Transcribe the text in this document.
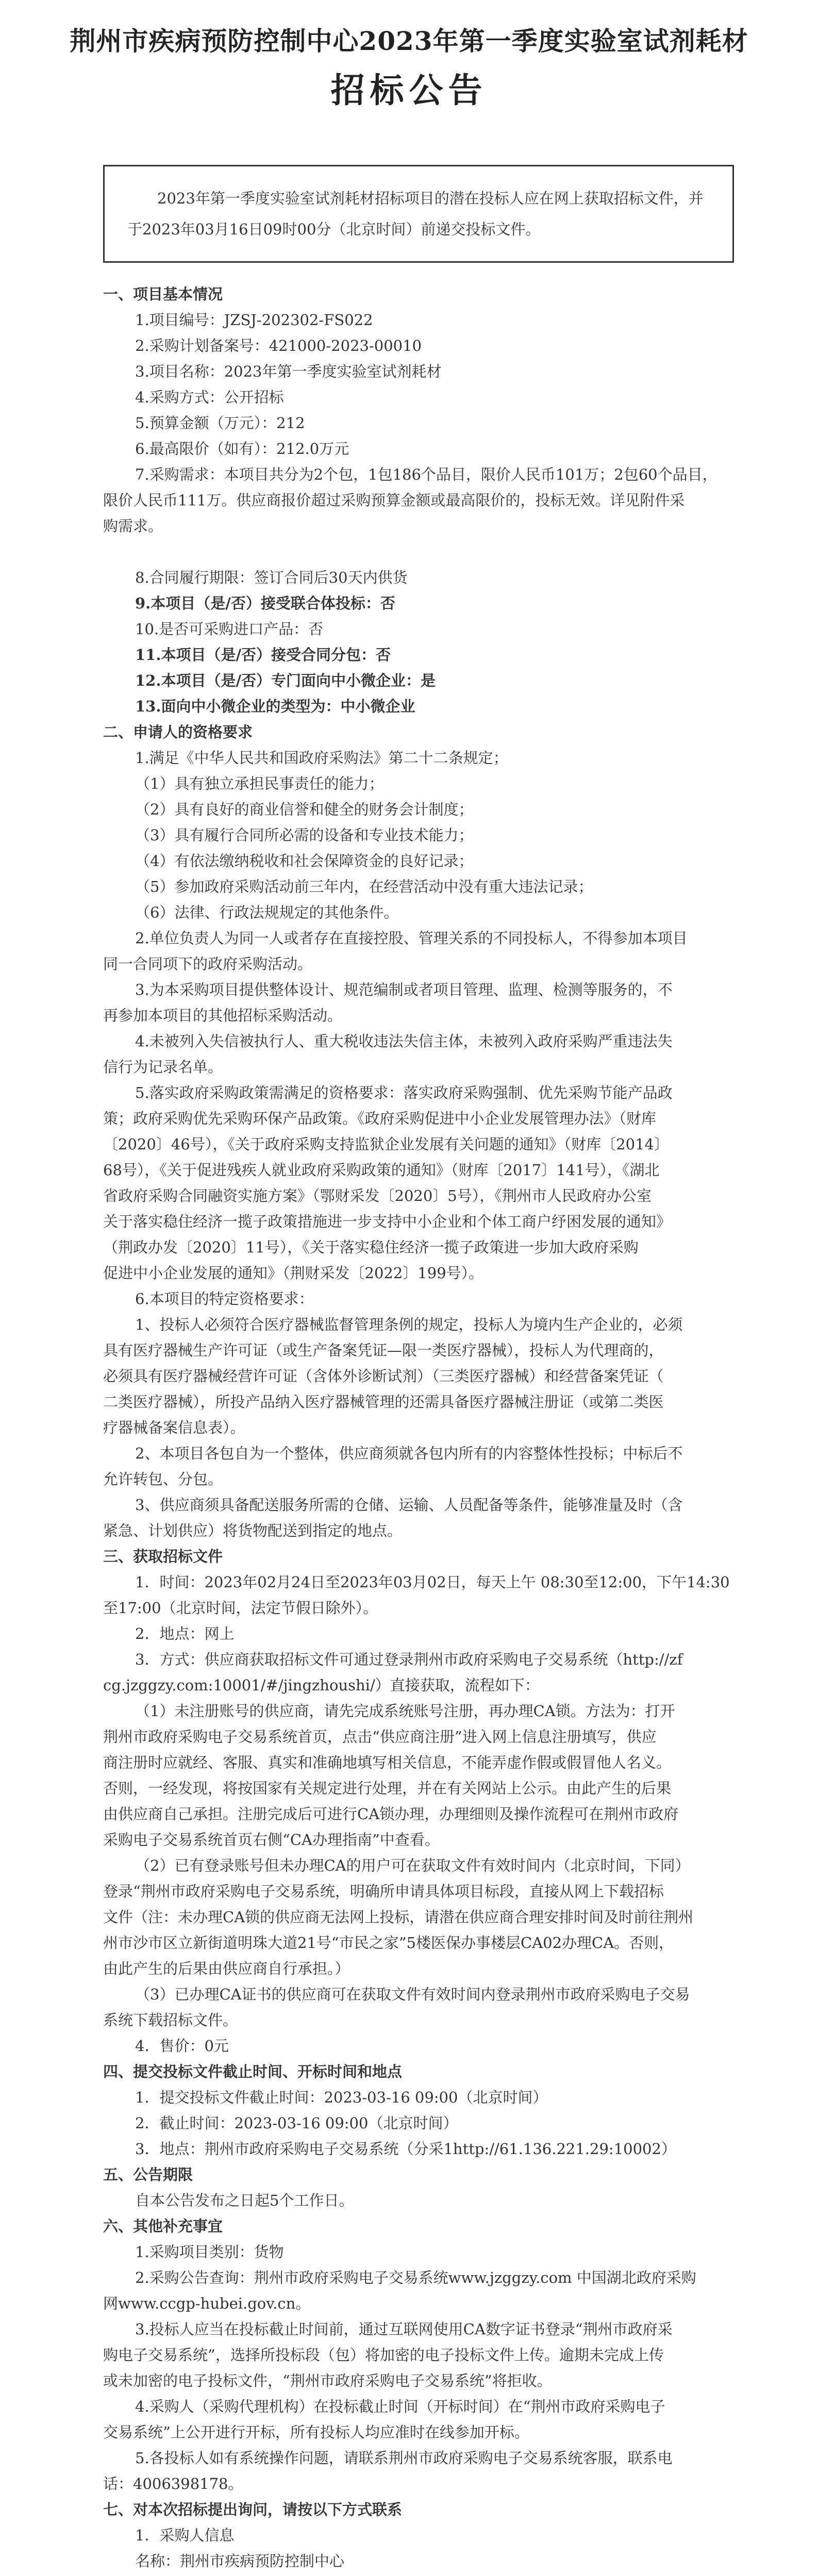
荆州市疾病预防控制中心2023年第一季度实验室试剂耗材
招标公告
2023年第一季度实验室试剂耗材招标项目的潜在投标人应在网上获取招标文件，并于2023年03月16日09时00分（北京时间）前递交投标文件。
一、项目基本情况
1.项目编号：JZSJ-202302-FS022
2.采购计划备案号：421000-2023-00010
3.项目名称：2023年第一季度实验室试剂耗材
4.采购方式：公开招标
5.预算金额（万元）：212
6.最高限价（如有）：212.0万元
7.采购需求：本项目共分为2个包，1包186个品目，限价人民币101万；2包60个品目，
限价人民币111万。供应商报价超过采购预算金额或最高限价的，投标无效。详见附件采
购需求。
8.合同履行期限：签订合同后30天内供货
9.本项目（是/否）接受联合体投标：否
10.是否可采购进口产品：否
11.本项目（是/否）接受合同分包：否
12.本项目（是/否）专门面向中小微企业：是
13.面向中小微企业的类型为：中小微企业
二、申请人的资格要求
1.满足《中华人民共和国政府采购法》第二十二条规定；
（1）具有独立承担民事责任的能力；
（2）具有良好的商业信誉和健全的财务会计制度；
（3）具有履行合同所必需的设备和专业技术能力；
（4）有依法缴纳税收和社会保障资金的良好记录；
（5）参加政府采购活动前三年内，在经营活动中没有重大违法记录；
（6）法律、行政法规规定的其他条件。
2.单位负责人为同一人或者存在直接控股、管理关系的不同投标人，不得参加本项目
同一合同项下的政府采购活动。
3.为本采购项目提供整体设计、规范编制或者项目管理、监理、检测等服务的，不
再参加本项目的其他招标采购活动。
4.未被列入失信被执行人、重大税收违法失信主体，未被列入政府采购严重违法失
信行为记录名单。
5.落实政府采购政策需满足的资格要求：落实政府采购强制、优先采购节能产品政
策；政府采购优先采购环保产品政策。《政府采购促进中小企业发展管理办法》（财库
〔2020〕46号），《关于政府采购支持监狱企业发展有关问题的通知》（财库〔2014〕
68号），《关于促进残疾人就业政府采购政策的通知》（财库〔2017〕141号），《湖北
省政府采购合同融资实施方案》（鄂财采发〔2020〕5号），《荆州市人民政府办公室
关于落实稳住经济一揽子政策措施进一步支持中小企业和个体工商户纾困发展的通知》
（荆政办发〔2020〕11号），《关于落实稳住经济一揽子政策进一步加大政府采购
促进中小企业发展的通知》（荆财采发〔2022〕199号）。
6.本项目的特定资格要求：
1、投标人必须符合医疗器械监督管理条例的规定，投标人为境内生产企业的，必须
具有医疗器械生产许可证（或生产备案凭证—限一类医疗器械），投标人为代理商的，
必须具有医疗器械经营许可证（含体外诊断试剂）（三类医疗器械）和经营备案凭证（
二类医疗器械），所投产品纳入医疗器械管理的还需具备医疗器械注册证（或第二类医
疗器械备案信息表）。
2、本项目各包自为一个整体，供应商须就各包内所有的内容整体性投标；中标后不
允许转包、分包。
3、供应商须具备配送服务所需的仓储、运输、人员配备等条件，能够准量及时（含
紧急、计划供应）将货物配送到指定的地点。
三、获取招标文件
1．时间：2023年02月24日至2023年03月02日，每天上午 08:30至12:00，下午14:30
至17:00（北京时间，法定节假日除外）。
2．地点：网上
3．方式：供应商获取招标文件可通过登录荆州市政府采购电子交易系统（http://zf
cg.jzggzy.com:10001/#/jingzhoushi/）直接获取，流程如下：
（1）未注册账号的供应商，请先完成系统账号注册，再办理CA锁。方法为：打开
荆州市政府采购电子交易系统首页，点击“供应商注册”进入网上信息注册填写，供应
商注册时应就经、客服、真实和准确地填写相关信息，不能弄虚作假或假冒他人名义。
否则，一经发现，将按国家有关规定进行处理，并在有关网站上公示。由此产生的后果
由供应商自己承担。注册完成后可进行CA锁办理，办理细则及操作流程可在荆州市政府
采购电子交易系统首页右侧“CA办理指南”中查看。
（2）已有登录账号但未办理CA的用户可在获取文件有效时间内（北京时间，下同）
登录“荆州市政府采购电子交易系统，明确所申请具体项目标段，直接从网上下载招标
文件（注：未办理CA锁的供应商无法网上投标，请潜在供应商合理安排时间及时前往荆州
州市沙市区立新街道明珠大道21号“市民之家”5楼医保办事楼层CA02办理CA。否则，
由此产生的后果由供应商自行承担。）
（3）已办理CA证书的供应商可在获取文件有效时间内登录荆州市政府采购电子交易
系统下载招标文件。
4．售价：0元
四、提交投标文件截止时间、开标时间和地点
1．提交投标文件截止时间：2023-03-16 09:00（北京时间）
2．截止时间：2023-03-16 09:00（北京时间）
3．地点：荆州市政府采购电子交易系统（分采1http://61.136.221.29:10002）
五、公告期限
自本公告发布之日起5个工作日。
六、其他补充事宜
1.采购项目类别：货物
2.采购公告查询：荆州市政府采购电子交易系统www.jzggzy.com 中国湖北政府采购
网www.ccgp-hubei.gov.cn。
3.投标人应当在投标截止时间前，通过互联网使用CA数字证书登录“荆州市政府采
购电子交易系统”，选择所投标段（包）将加密的电子投标文件上传。逾期未完成上传
或未加密的电子投标文件，“荆州市政府采购电子交易系统”将拒收。
4.采购人（采购代理机构）在投标截止时间（开标时间）在“荆州市政府采购电子
交易系统”上公开进行开标，所有投标人均应准时在线参加开标。
5.各投标人如有系统操作问题，请联系荆州市政府采购电子交易系统客服，联系电
话：4006398178。
七、对本次招标提出询问，请按以下方式联系
1．采购人信息
名称：荆州市疾病预防控制中心
